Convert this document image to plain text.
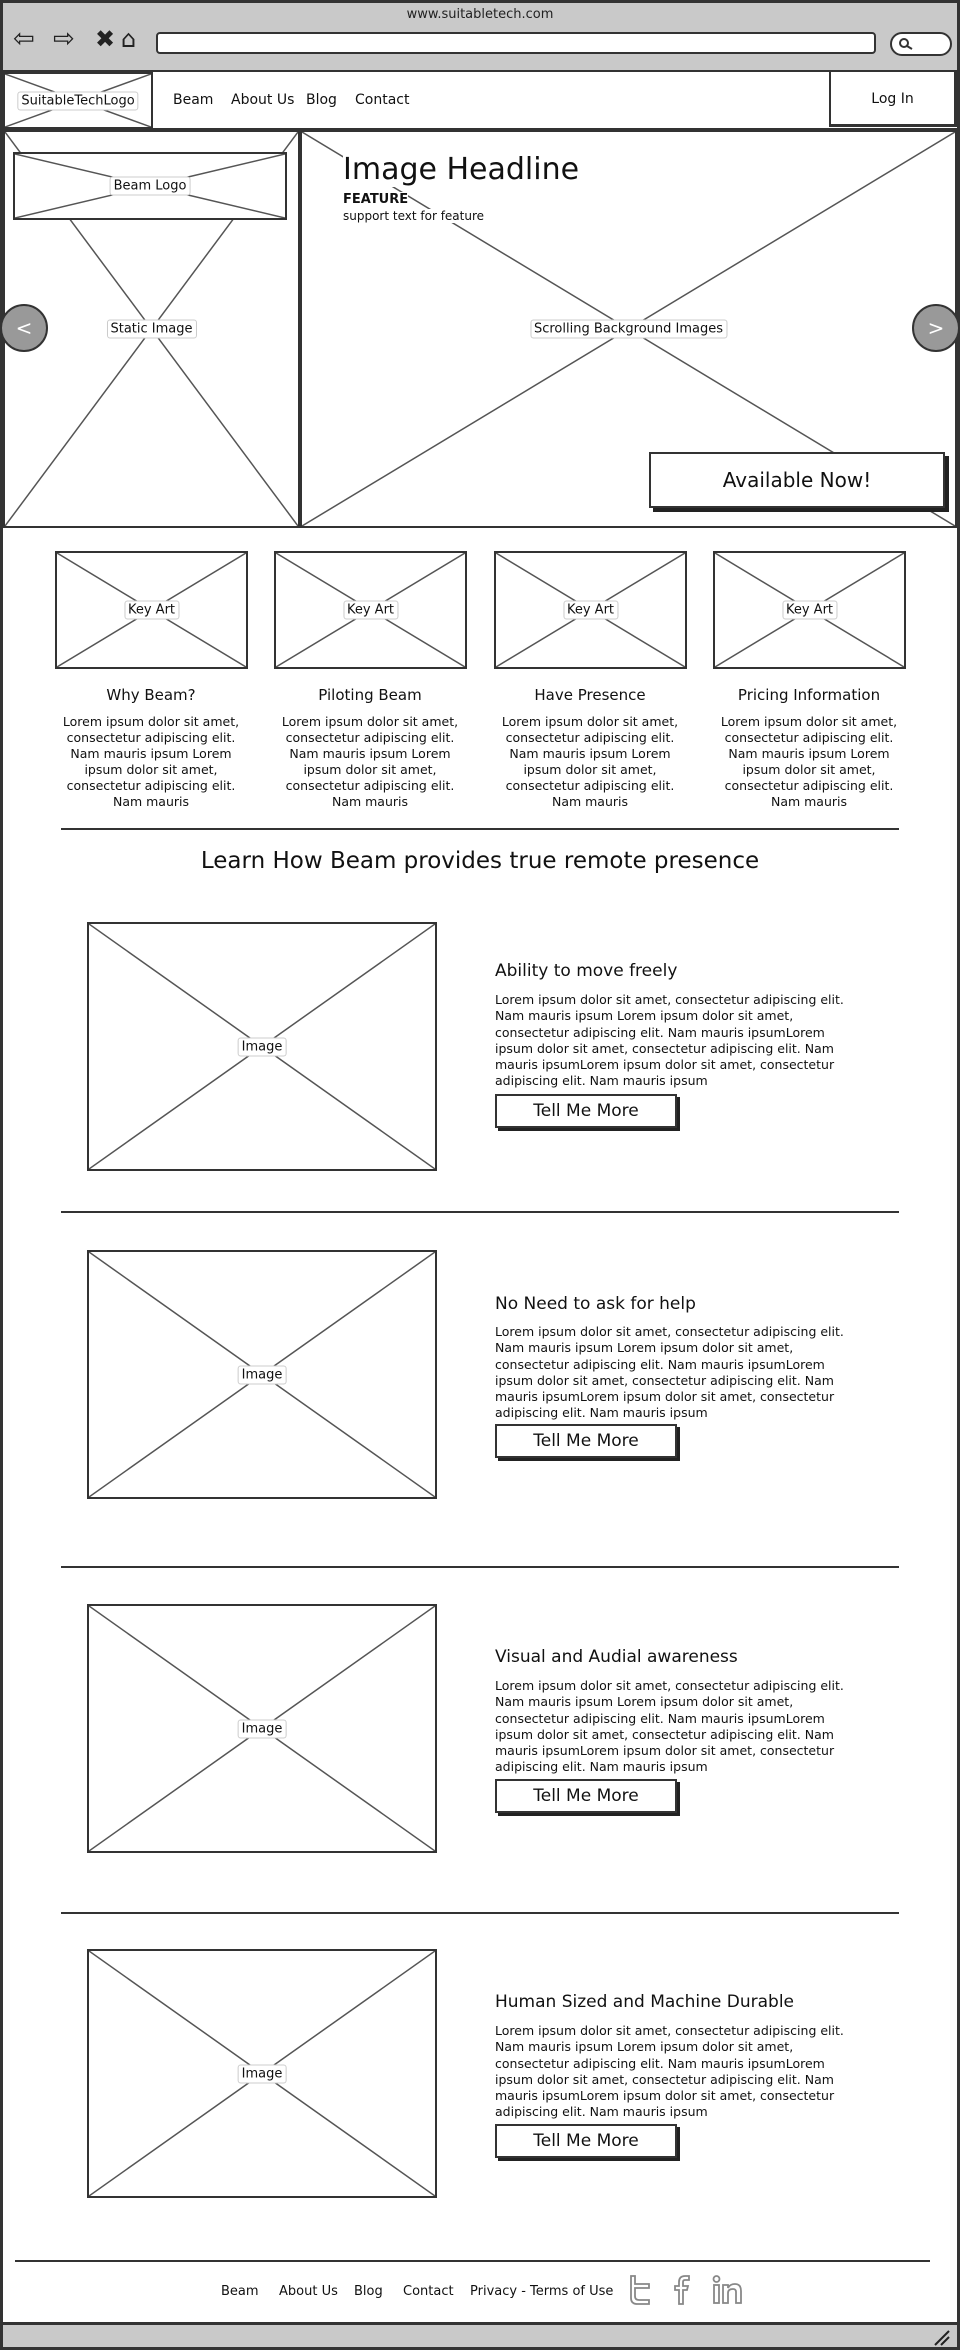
www.suitabletech.com
⇦ ⇨ ✖ ⌂
SuitableTechLogo	Beam About Us Blog Contact	Log In
Static Image
Beam Logo
Scrolling Background Images
Image Headline
FEATURE
support text for feature
<	>
Available Now!
Key Art	Key Art	Key Art	Key Art
Why Beam?	Piloting Beam	Have Presence	Pricing Information
Lorem ipsum dolor sit amet, consectetur adipiscing elit. Nam mauris ipsum Lorem ipsum dolor sit amet, consectetur adipiscing elit. Nam mauris
Lorem ipsum dolor sit amet, consectetur adipiscing elit. Nam mauris ipsum Lorem ipsum dolor sit amet, consectetur adipiscing elit. Nam mauris
Lorem ipsum dolor sit amet, consectetur adipiscing elit. Nam mauris ipsum Lorem ipsum dolor sit amet, consectetur adipiscing elit. Nam mauris
Lorem ipsum dolor sit amet, consectetur adipiscing elit. Nam mauris ipsum Lorem ipsum dolor sit amet, consectetur adipiscing elit. Nam mauris
Learn How Beam provides true remote presence
Image
Ability to move freely
Lorem ipsum dolor sit amet, consectetur adipiscing elit. Nam mauris ipsum Lorem ipsum dolor sit amet, consectetur adipiscing elit. Nam mauris ipsumLorem ipsum dolor sit amet, consectetur adipiscing elit. Nam mauris ipsumLorem ipsum dolor sit amet, consectetur adipiscing elit. Nam mauris ipsum
Tell Me More
Image
No Need to ask for help
Lorem ipsum dolor sit amet, consectetur adipiscing elit. Nam mauris ipsum Lorem ipsum dolor sit amet, consectetur adipiscing elit. Nam mauris ipsumLorem ipsum dolor sit amet, consectetur adipiscing elit. Nam mauris ipsumLorem ipsum dolor sit amet, consectetur adipiscing elit. Nam mauris ipsum
Tell Me More
Image
Visual and Audial awareness
Lorem ipsum dolor sit amet, consectetur adipiscing elit. Nam mauris ipsum Lorem ipsum dolor sit amet, consectetur adipiscing elit. Nam mauris ipsumLorem ipsum dolor sit amet, consectetur adipiscing elit. Nam mauris ipsumLorem ipsum dolor sit amet, consectetur adipiscing elit. Nam mauris ipsum
Tell Me More
Image
Human Sized and Machine Durable
Lorem ipsum dolor sit amet, consectetur adipiscing elit. Nam mauris ipsum Lorem ipsum dolor sit amet, consectetur adipiscing elit. Nam mauris ipsumLorem ipsum dolor sit amet, consectetur adipiscing elit. Nam mauris ipsumLorem ipsum dolor sit amet, consectetur adipiscing elit. Nam mauris ipsum
Tell Me More
Beam About Us Blog Contact Privacy - Terms of Use
